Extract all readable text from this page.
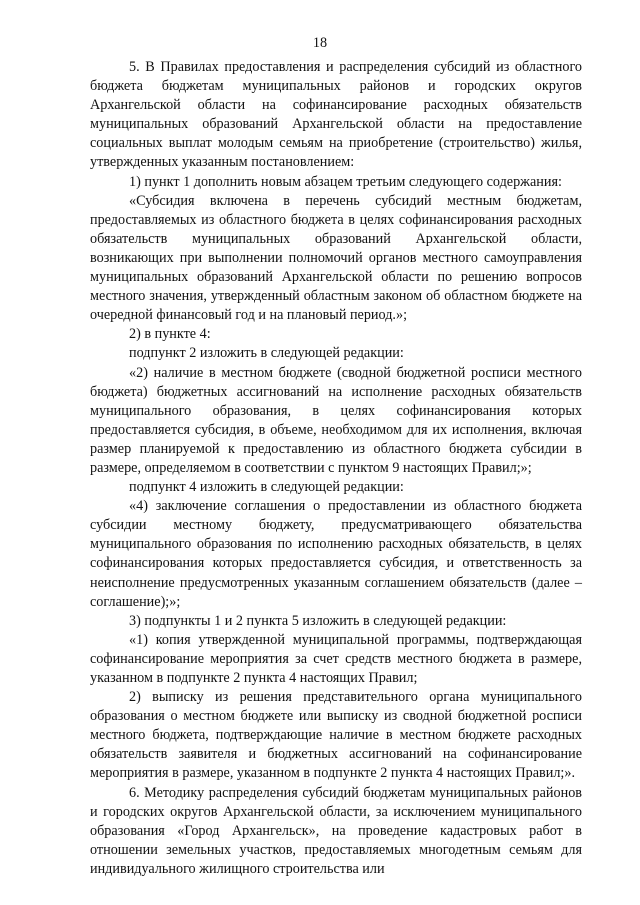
18

5. В Правилах предоставления и распределения субсидий из областного бюджета бюджетам муниципальных районов и городских округов Архангельской области на софинансирование расходных обязательств муниципальных образований Архангельской области на предоставление социальных выплат молодым семьям на приобретение (строительство) жилья, утвержденных указанным постановлением:

1) пункт 1 дополнить новым абзацем третьим следующего содержания:

«Субсидия включена в перечень субсидий местным бюджетам, предоставляемых из областного бюджета в целях софинансирования расходных обязательств муниципальных образований Архангельской области, возникающих при выполнении полномочий органов местного самоуправления муниципальных образований Архангельской области по решению вопросов местного значения, утвержденный областным законом об областном бюджете на очередной финансовый год и на плановый период.»;

2) в пункте 4:

подпункт 2 изложить в следующей редакции:

«2) наличие в местном бюджете (сводной бюджетной росписи местного бюджета) бюджетных ассигнований на исполнение расходных обязательств муниципального образования, в целях софинансирования которых предоставляется субсидия, в объеме, необходимом для их исполнения, включая размер планируемой к предоставлению из областного бюджета субсидии в размере, определяемом в соответствии с пунктом 9 настоящих Правил;»;

подпункт 4 изложить в следующей редакции:

«4) заключение соглашения о предоставлении из областного бюджета субсидии местному бюджету, предусматривающего обязательства муниципального образования по исполнению расходных обязательств, в целях софинансирования которых предоставляется субсидия, и ответственность за неисполнение предусмотренных указанным соглашением обязательств (далее – соглашение);»;

3) подпункты 1 и 2 пункта 5 изложить в следующей редакции:

«1) копия утвержденной муниципальной программы, подтверждающая софинансирование мероприятия за счет средств местного бюджета в размере, указанном в подпункте 2 пункта 4 настоящих Правил;

2) выписку из решения представительного органа муниципального образования о местном бюджете или выписку из сводной бюджетной росписи местного бюджета, подтверждающие наличие в местном бюджете расходных обязательств заявителя и бюджетных ассигнований на софинансирование мероприятия в размере, указанном в подпункте 2 пункта 4 настоящих Правил;».

6. Методику распределения субсидий бюджетам муниципальных районов и городских округов Архангельской области, за исключением муниципального образования «Город Архангельск», на проведение кадастровых работ в отношении земельных участков, предоставляемых многодетным семьям для индивидуального жилищного строительства или
